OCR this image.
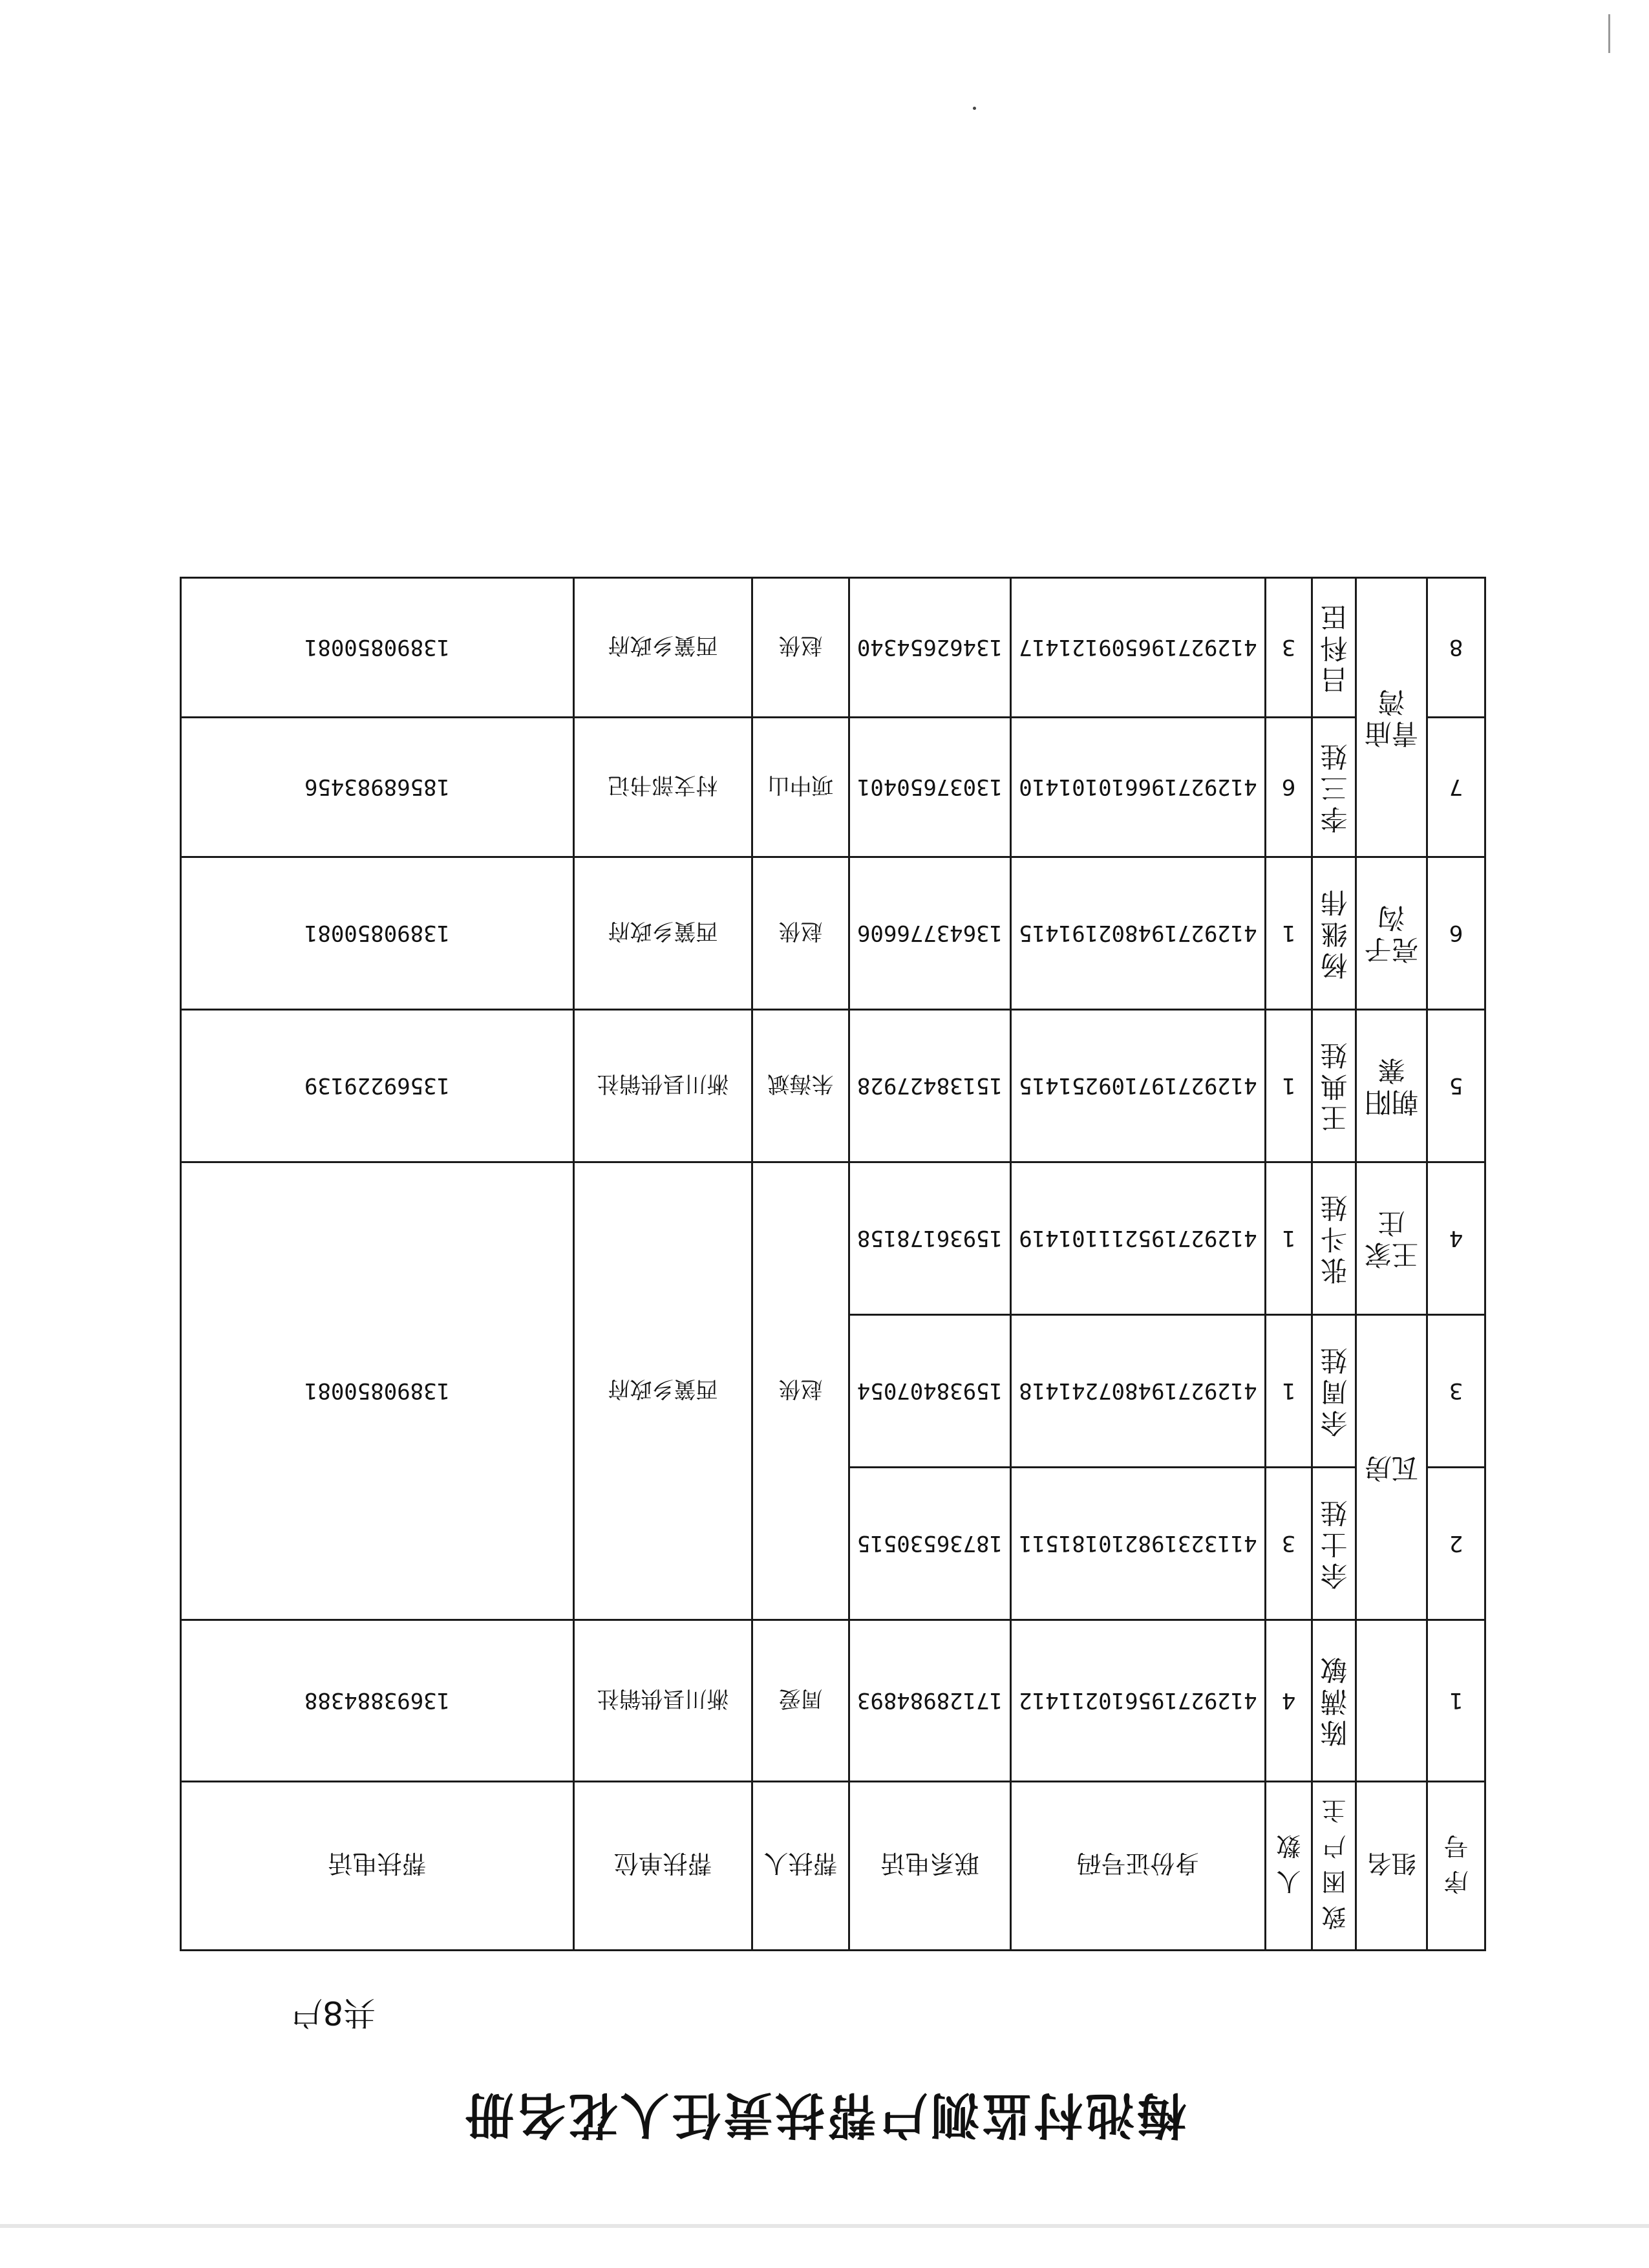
梅池村监测户帮扶责任人花名册
共8户
序号	组名	致困户主	人数	身份证号码	联系电话	帮扶人	帮扶单位	帮扶电话
1		陈满敏	4	412927195610211412	17128984893	周爱	淅川县供销社	13693884388
2	瓦房	余士娃	3	411323198210181511	18736530515	赵侠	西簧乡政府	13890850081
3		余周娃	1	412927194807241418	15938407054			
4	王家庄	张斗娃	1	412927195211101419	15936178158			
5	朝阳寨	王典娃	1	412927197109251415	15138427928	朱海斌	淅川县供销社	13569229139
6	亮子沟	杨继伟	1	412927194802191415	13643776606	赵侠	西簧乡政府	13890850081
7	青庙湾	李三娃	6	412927196610101410	13037650401	项中山	村支部书记	18568983456
8		吕科臣	3	412927196509121417	13462654340	赵侠	西簧乡政府	13890850081
